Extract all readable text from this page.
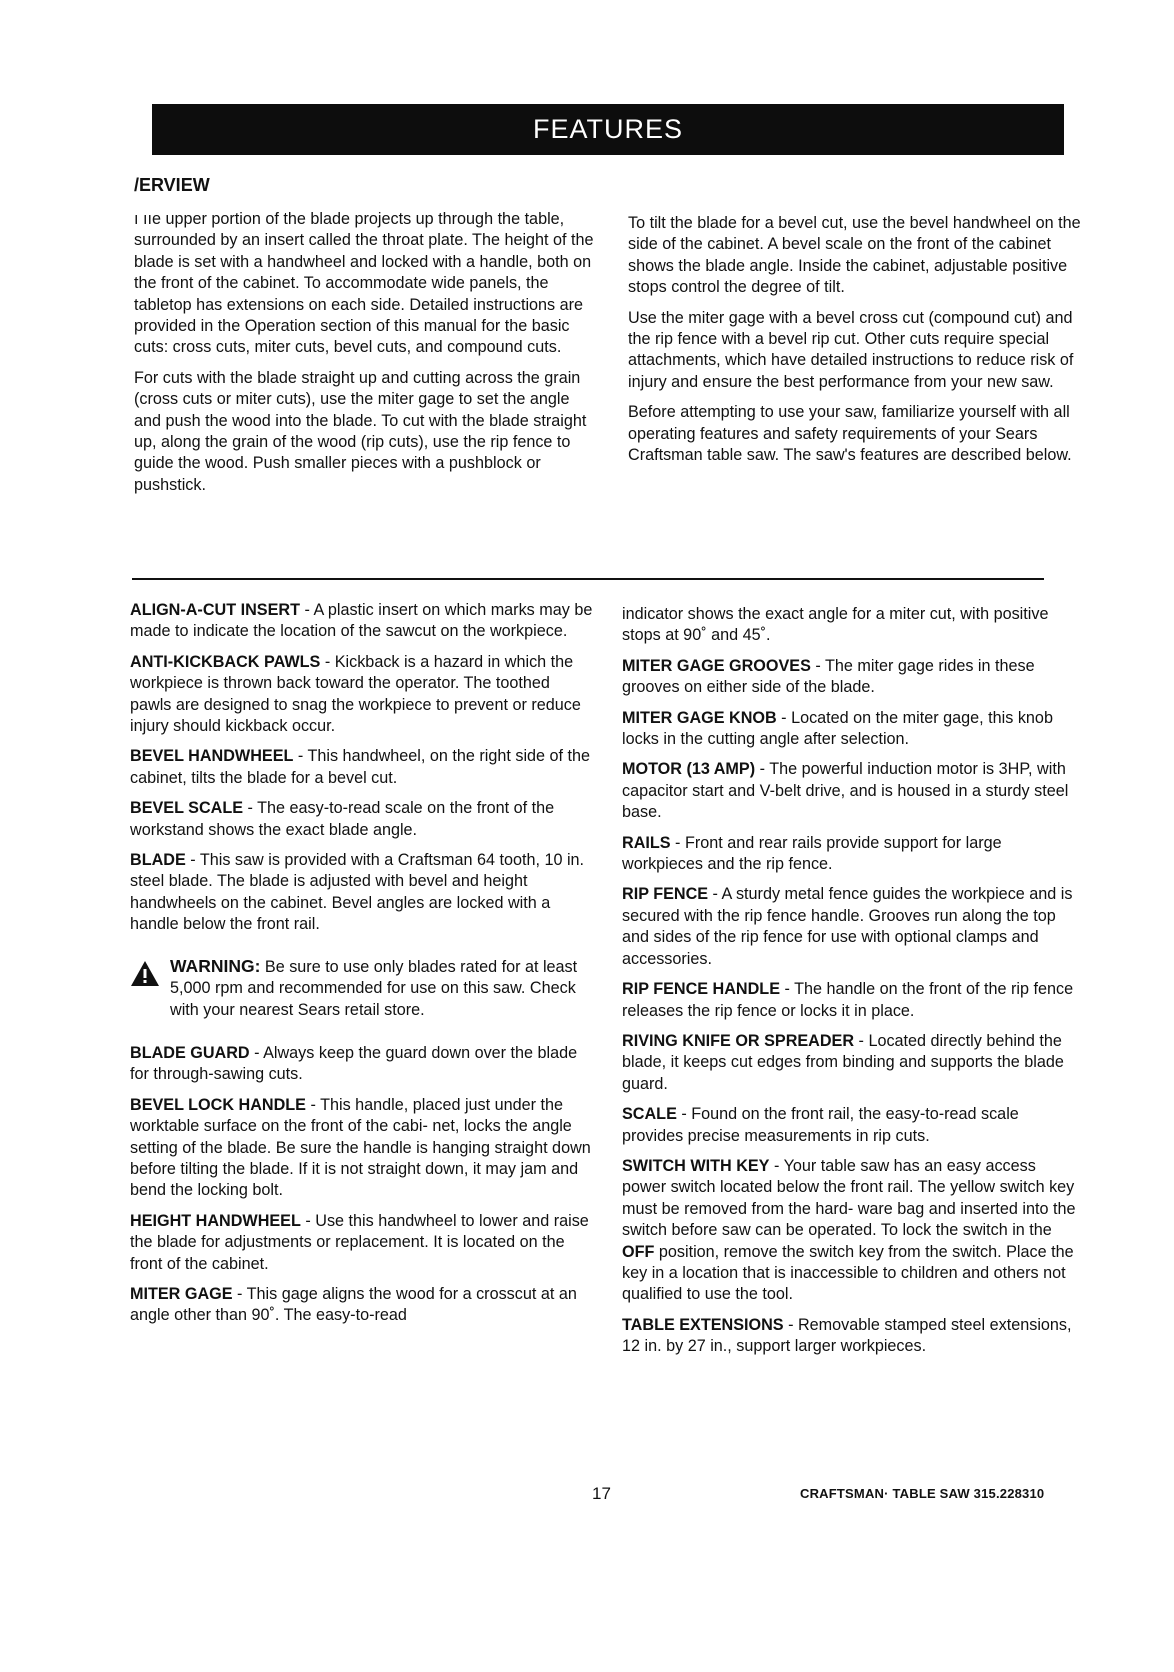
FEATURES
/ERVIEW

ı ııe upper portion of the blade projects up through the table, surrounded by an insert called the throat plate. The height of the blade is set with a handwheel and locked with a handle, both on the front of the cabinet. To accommodate wide panels, the tabletop has extensions on each side. Detailed instructions are provided in the Operation section of this manual for the basic cuts: cross cuts, miter cuts, bevel cuts, and compound cuts.

For cuts with the blade straight up and cutting across the grain (cross cuts or miter cuts), use the miter gage to set the angle and push the wood into the blade. To cut with the blade straight up, along the grain of the wood (rip cuts), use the rip fence to guide the wood. Push smaller pieces with a pushblock or pushstick.

To tilt the blade for a bevel cut, use the bevel handwheel on the side of the cabinet. A bevel scale on the front of the cabinet shows the blade angle. Inside the cabinet, adjustable positive stops control the degree of tilt.

Use the miter gage with a bevel cross cut (compound cut) and the rip fence with a bevel rip cut. Other cuts require special attachments, which have detailed instructions to reduce risk of injury and ensure the best performance from your new saw.

Before attempting to use your saw, familiarize yourself with all operating features and safety requirements of your Sears Craftsman table saw. The saw's features are described below.

ALIGN-A-CUT INSERT - A plastic insert on which marks may be made to indicate the location of the sawcut on the workpiece.

ANTI-KICKBACK PAWLS - Kickback is a hazard in which the workpiece is thrown back toward the operator. The toothed pawls are designed to snag the workpiece to prevent or reduce injury should kickback occur.

BEVEL HANDWHEEL - This handwheel, on the right side of the cabinet, tilts the blade for a bevel cut.

BEVEL SCALE - The easy-to-read scale on the front of the workstand shows the exact blade angle.

BLADE - This saw is provided with a Craftsman 64 tooth, 10 in. steel blade. The blade is adjusted with bevel and height handwheels on the cabinet. Bevel angles are locked with a handle below the front rail.

WARNING: Be sure to use only blades rated for at least 5,000 rpm and recommended for use on this saw. Check with your nearest Sears retail store.

BLADE GUARD - Always keep the guard down over the blade for through-sawing cuts.

BEVEL LOCK HANDLE - This handle, placed just under the worktable surface on the front of the cabi- net, locks the angle setting of the blade. Be sure the handle is hanging straight down before tilting the blade. If it is not straight down, it may jam and bend the locking bolt.

HEIGHT HANDWHEEL - Use this handwheel to lower and raise the blade for adjustments or replacement. It is located on the front of the cabinet.

MITER GAGE - This gage aligns the wood for a crosscut at an angle other than 90˚. The easy-to-read

indicator shows the exact angle for a miter cut, with positive stops at 90˚ and 45˚.

MITER GAGE GROOVES - The miter gage rides in these grooves on either side of the blade.

MITER GAGE KNOB - Located on the miter gage, this knob locks in the cutting angle after selection.

MOTOR (13 AMP) - The powerful induction motor is 3HP, with capacitor start and V-belt drive, and is housed in a sturdy steel base.

RAILS - Front and rear rails provide support for large workpieces and the rip fence.

RIP FENCE - A sturdy metal fence guides the workpiece and is secured with the rip fence handle. Grooves run along the top and sides of the rip fence for use with optional clamps and accessories.

RIP FENCE HANDLE - The handle on the front of the rip fence releases the rip fence or locks it in place.

RIVING KNIFE OR SPREADER - Located directly behind the blade, it keeps cut edges from binding and supports the blade guard.

SCALE - Found on the front rail, the easy-to-read scale provides precise measurements in rip cuts.

SWITCH WITH KEY - Your table saw has an easy access power switch located below the front rail. The yellow switch key must be removed from the hard- ware bag and inserted into the switch before saw can be operated. To lock the switch in the OFF position, remove the switch key from the switch. Place the key in a location that is inaccessible to children and others not qualified to use the tool.

TABLE EXTENSIONS - Removable stamped steel extensions, 12 in. by 27 in., support larger workpieces.

17	CRAFTSMAN· TABLE SAW 315.228310
